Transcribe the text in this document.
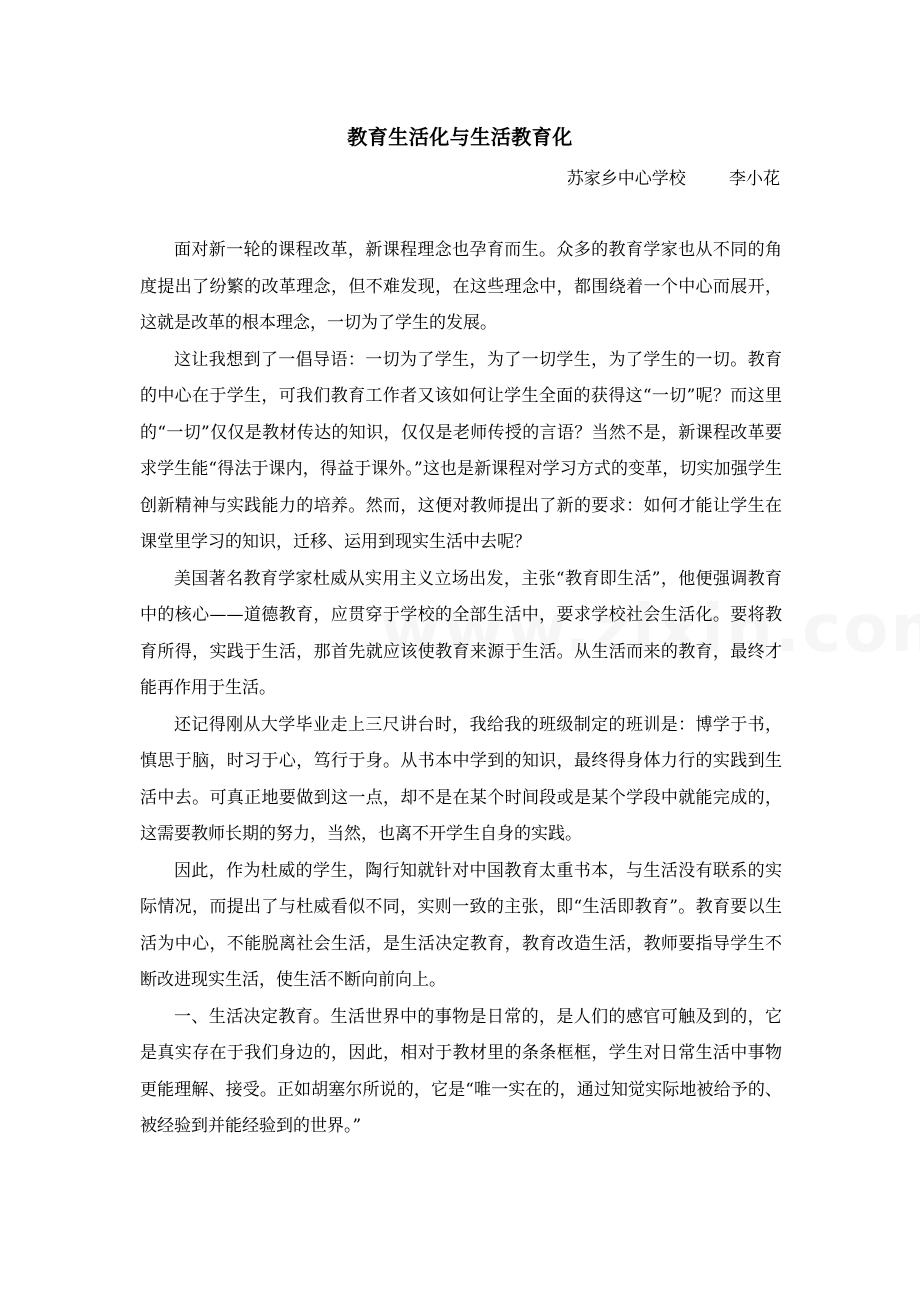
教育生活化与生活教育化
苏家乡中心学校        李小花

面对新一轮的课程改革，新课程理念也孕育而生。众多的教育学家也从不同的角度提出了纷繁的改革理念，但不难发现，在这些理念中，都围绕着一个中心而展开，这就是改革的根本理念，一切为了学生的发展。

这让我想到了一倡导语：一切为了学生，为了一切学生，为了学生的一切。教育的中心在于学生，可我们教育工作者又该如何让学生全面的获得这“一切”呢？而这里的“一切”仅仅是教材传达的知识，仅仅是老师传授的言语？当然不是，新课程改革要求学生能“得法于课内，得益于课外。”这也是新课程对学习方式的变革，切实加强学生创新精神与实践能力的培养。然而，这便对教师提出了新的要求：如何才能让学生在课堂里学习的知识，迁移、运用到现实生活中去呢？

美国著名教育学家杜威从实用主义立场出发，主张“教育即生活”，他便强调教育中的核心——道德教育，应贯穿于学校的全部生活中，要求学校社会生活化。要将教育所得，实践于生活，那首先就应该使教育来源于生活。从生活而来的教育，最终才能再作用于生活。

还记得刚从大学毕业走上三尺讲台时，我给我的班级制定的班训是：博学于书，慎思于脑，时习于心，笃行于身。从书本中学到的知识，最终得身体力行的实践到生活中去。可真正地要做到这一点，却不是在某个时间段或是某个学段中就能完成的，这需要教师长期的努力，当然，也离不开学生自身的实践。

因此，作为杜威的学生，陶行知就针对中国教育太重书本，与生活没有联系的实际情况，而提出了与杜威看似不同，实则一致的主张，即“生活即教育”。教育要以生活为中心，不能脱离社会生活，是生活决定教育，教育改造生活，教师要指导学生不断改进现实生活，使生活不断向前向上。

一、生活决定教育。生活世界中的事物是日常的，是人们的感官可触及到的，它是真实存在于我们身边的，因此，相对于教材里的条条框框，学生对日常生活中事物更能理解、接受。正如胡塞尔所说的，它是“唯一实在的，通过知觉实际地被给予的、被经验到并能经验到的世界。”
